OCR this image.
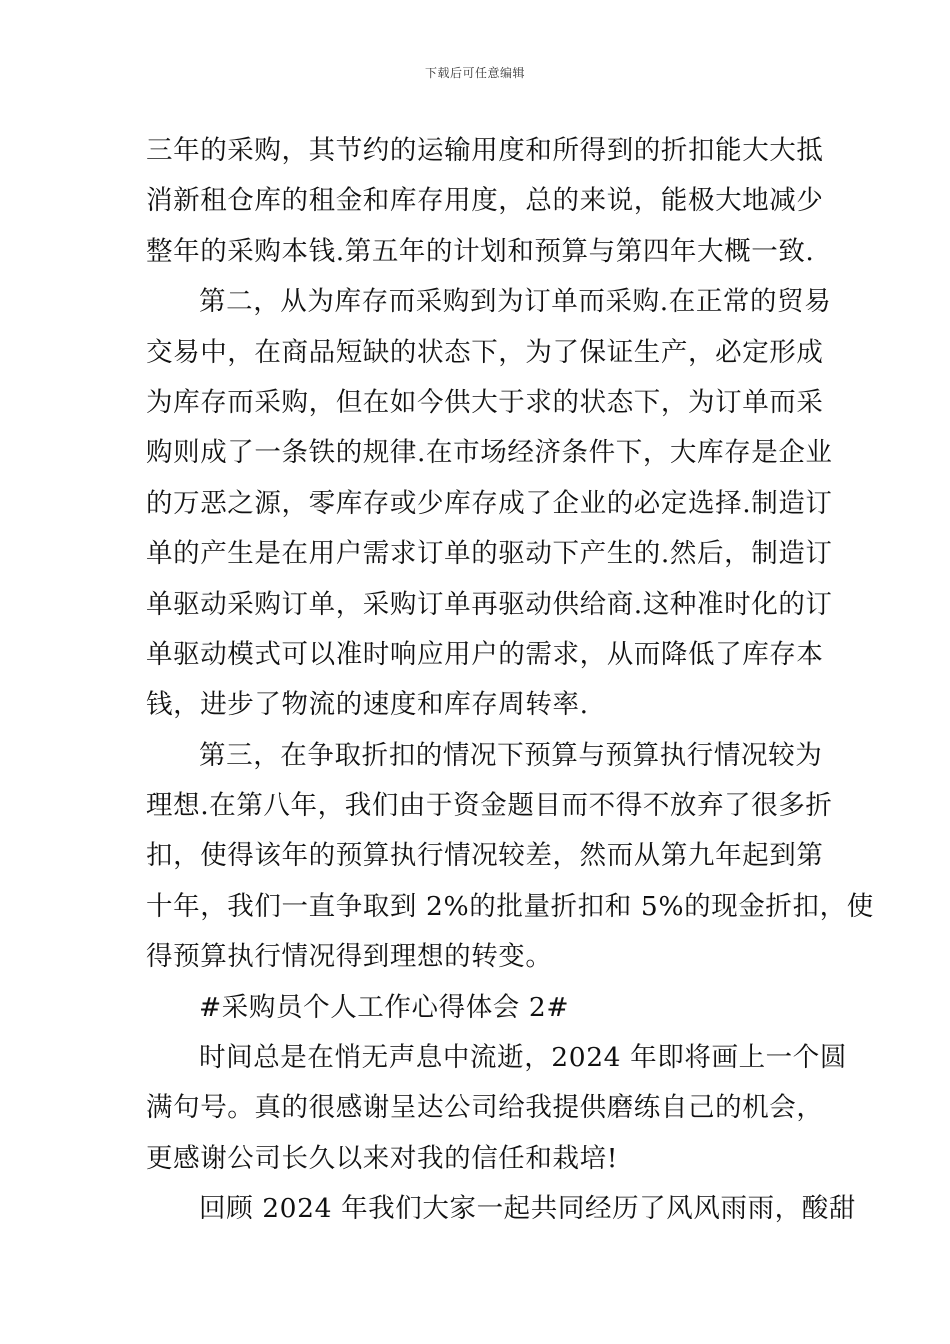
下载后可任意编辑
三年的采购，其节约的运输用度和所得到的折扣能大大抵
消新租仓库的租金和库存用度，总的来说，能极大地减少
整年的采购本钱.第五年的计划和预算与第四年大概一致.
第二，从为库存而采购到为订单而采购.在正常的贸易
交易中，在商品短缺的状态下，为了保证生产，必定形成
为库存而采购，但在如今供大于求的状态下，为订单而采
购则成了一条铁的规律.在市场经济条件下，大库存是企业
的万恶之源，零库存或少库存成了企业的必定选择.制造订
单的产生是在用户需求订单的驱动下产生的.然后，制造订
单驱动采购订单，采购订单再驱动供给商.这种准时化的订
单驱动模式可以准时响应用户的需求，从而降低了库存本
钱，进步了物流的速度和库存周转率.
第三，在争取折扣的情况下预算与预算执行情况较为
理想.在第八年，我们由于资金题目而不得不放弃了很多折
扣，使得该年的预算执行情况较差，然而从第九年起到第
十年，我们一直争取到 2%的批量折扣和 5%的现金折扣，使
得预算执行情况得到理想的转变。
#采购员个人工作心得体会 2#
时间总是在悄无声息中流逝，2024 年即将画上一个圆
满句号。真的很感谢呈达公司给我提供磨练自己的机会，
更感谢公司长久以来对我的信任和栽培!
回顾 2024 年我们大家一起共同经历了风风雨雨，酸甜
